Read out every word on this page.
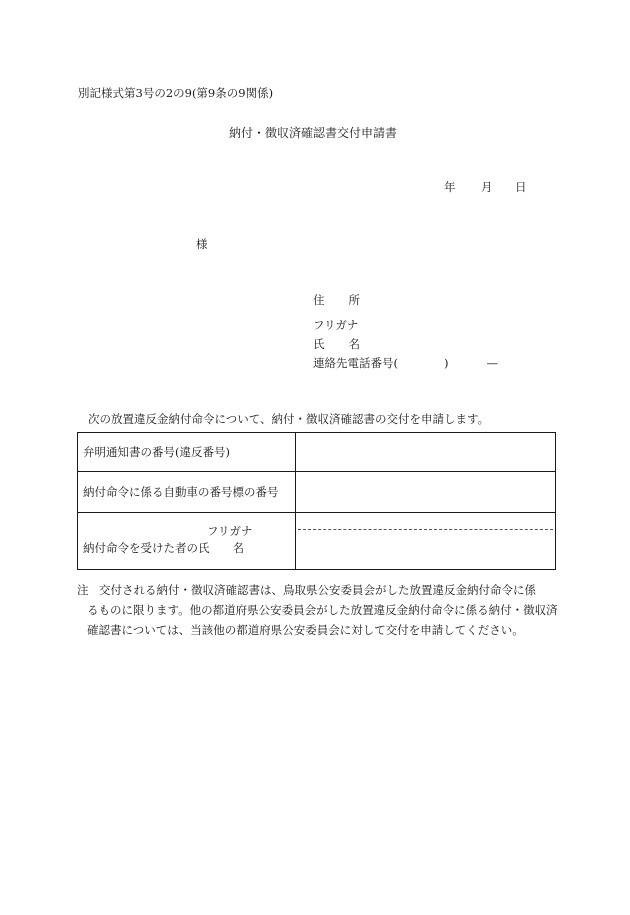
別記様式第3号の2の9(第9条の9関係)
納付・徴収済確認書交付申請書
年 月 日
様
住 所
フリガナ
氏 名
連絡先電話番号(	)	—
次の放置違反金納付命令について、納付・徴収済確認書の交付を申請します。
弁明通知書の番号(違反番号)	
納付命令に係る自動車の番号標の番号	

フリガナ
納付命令を受けた者の氏　　名	

注 交付される納付・徴収済確認書は、鳥取県公安委員会がした放置違反金納付命令に係
るものに限ります。他の都道府県公安委員会がした放置違反金納付命令に係る納付・徴収済確認書については、当該他の都道府県公安委員会に対して交付を申請してください。
